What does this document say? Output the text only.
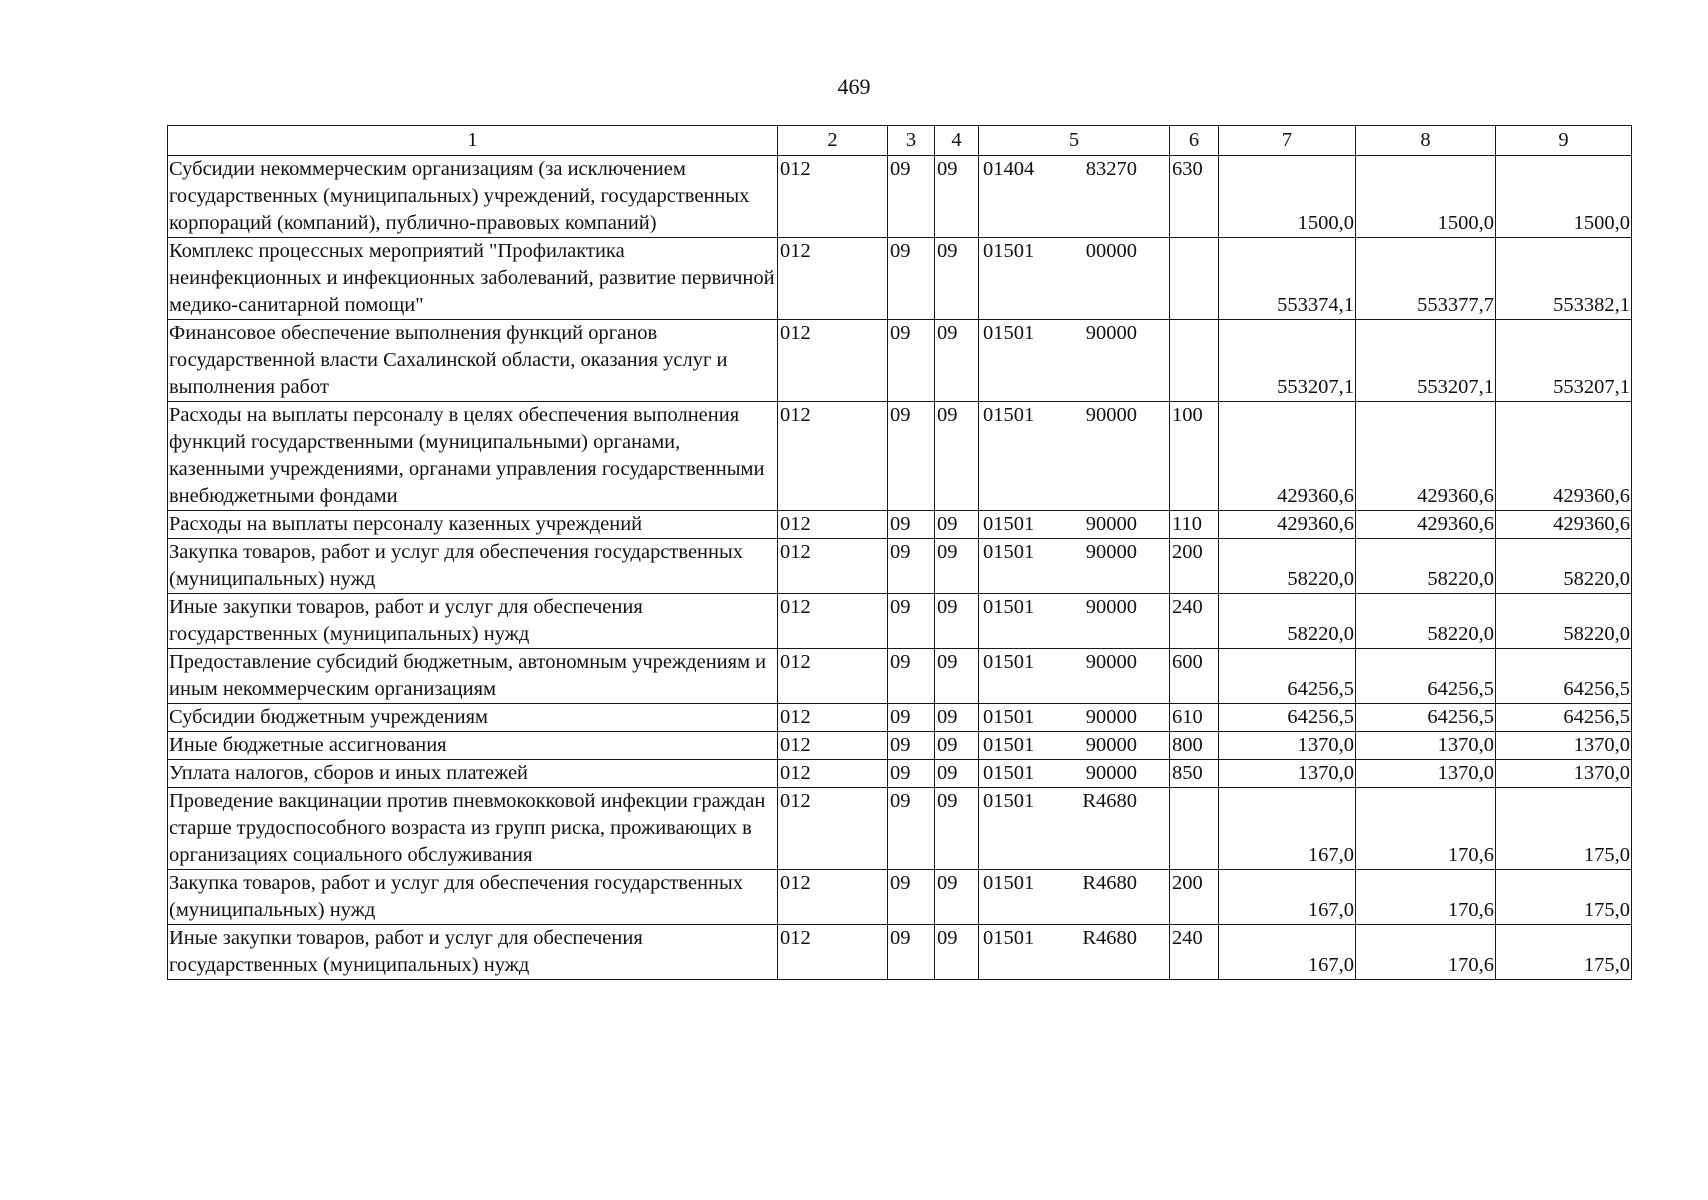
469
1	2	3	4	5	6	7	8	9
Субсидии некоммерческим организациям (за исключением государственных (муниципальных) учреждений, государственных корпораций (компаний), публично-правовых компаний)	012	09	09	01404 83270	630	1500,0	1500,0	1500,0
Комплекс процессных мероприятий "Профилактика неинфекционных и инфекционных заболеваний, развитие первичной медико-санитарной помощи"	012	09	09	01501 00000		553374,1	553377,7	553382,1
Финансовое обеспечение выполнения функций органов государственной власти Сахалинской области, оказания услуг и выполнения работ	012	09	09	01501 90000		553207,1	553207,1	553207,1
Расходы на выплаты персоналу в целях обеспечения выполнения функций государственными (муниципальными) органами, казенными учреждениями, органами управления государственными внебюджетными фондами	012	09	09	01501 90000	100	429360,6	429360,6	429360,6
Расходы на выплаты персоналу казенных учреждений	012	09	09	01501 90000	110	429360,6	429360,6	429360,6
Закупка товаров, работ и услуг для обеспечения государственных (муниципальных) нужд	012	09	09	01501 90000	200	58220,0	58220,0	58220,0
Иные закупки товаров, работ и услуг для обеспечения государственных (муниципальных) нужд	012	09	09	01501 90000	240	58220,0	58220,0	58220,0
Предоставление субсидий бюджетным, автономным учреждениям и иным некоммерческим организациям	012	09	09	01501 90000	600	64256,5	64256,5	64256,5
Субсидии бюджетным учреждениям	012	09	09	01501 90000	610	64256,5	64256,5	64256,5
Иные бюджетные ассигнования	012	09	09	01501 90000	800	1370,0	1370,0	1370,0
Уплата налогов, сборов и иных платежей	012	09	09	01501 90000	850	1370,0	1370,0	1370,0
Проведение вакцинации против пневмококковой инфекции граждан старше трудоспособного возраста из групп риска, проживающих в организациях социального обслуживания	012	09	09	01501 R4680		167,0	170,6	175,0
Закупка товаров, работ и услуг для обеспечения государственных (муниципальных) нужд	012	09	09	01501 R4680	200	167,0	170,6	175,0
Иные закупки товаров, работ и услуг для обеспечения государственных (муниципальных) нужд	012	09	09	01501 R4680	240	167,0	170,6	175,0
